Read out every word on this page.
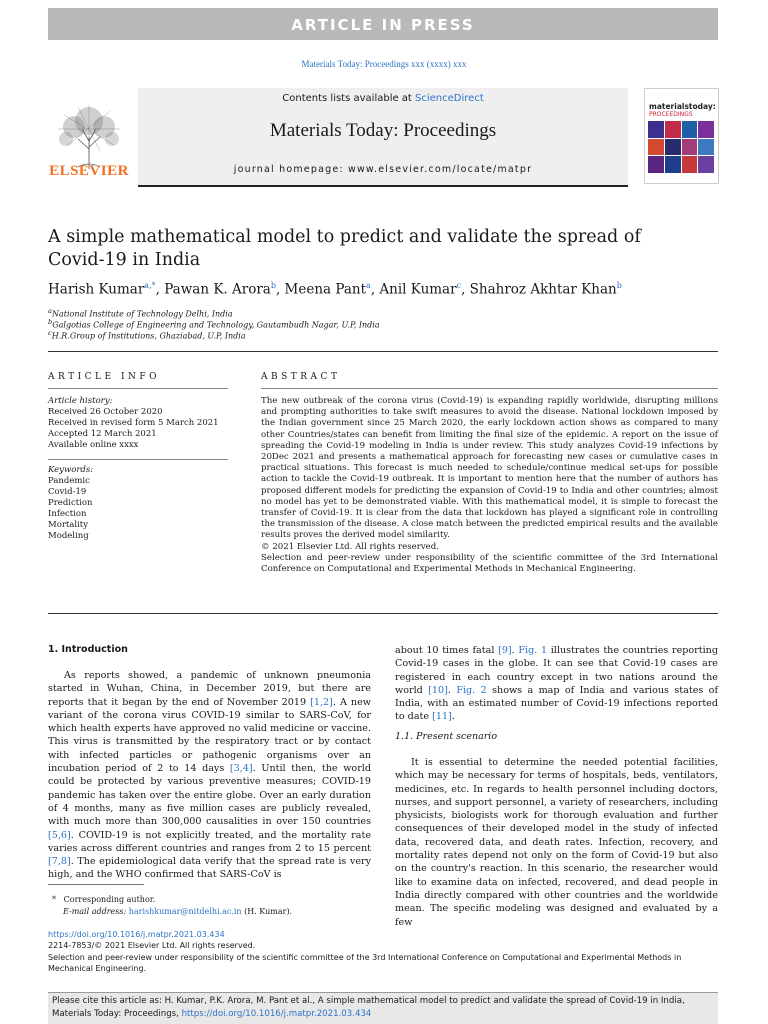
ARTICLE IN PRESS
Materials Today: Proceedings xxx (xxxx) xxx
ELSEVIER
Contents lists available at ScienceDirect
Materials Today: Proceedings
journal homepage: www.elsevier.com/locate/matpr
materialstoday:
PROCEEDINGS
A simple mathematical model to predict and validate the spread of
Covid-19 in India
Harish Kumar$^{a,*}$, Pawan K. Arora$^b$, Meena Pant$^a$, Anil Kumar$^c$, Shahroz Akhtar Khan$^b$
$^a$National Institute of Technology Delhi, India
$^b$Galgotias College of Engineering and Technology, Gautambudh Nagar, U.P, India
$^c$H.R.Group of Institutions, Ghaziabad, U.P, India
ARTICLE INFO	ABSTRACT
Article history:
Received 26 October 2020
Received in revised form 5 March 2021
Accepted 12 March 2021
Available online xxxx
Keywords:
Pandemic
Covid-19
Prediction
Infection
Mortality
Modeling

The new outbreak of the corona virus (Covid-19) is expanding rapidly worldwide, disrupting millions and prompting authorities to take swift measures to avoid the disease. National lockdown imposed by the Indian government since 25 March 2020, the early lockdown action shows as compared to many other Countries/states can benefit from limiting the final size of the epidemic. A report on the issue of spreading the Covid-19 modeling in India is under review. This study analyzes Covid-19 infections by 20Dec 2021 and presents a mathematical approach for forecasting new cases or cumulative cases in practical situations. This forecast is much needed to schedule/continue medical set-ups for possible action to tackle the Covid-19 outbreak. It is important to mention here that the number of authors has proposed different models for predicting the expansion of Covid-19 to India and other countries; almost no model has yet to be demonstrated viable. With this mathematical model, it is simple to forecast the transfer of Covid-19. It is clear from the data that lockdown has played a significant role in controlling the transmission of the disease. A close match between the predicted empirical results and the available results proves the derived model similarity.

© 2021 Elsevier Ltd. All rights reserved.

Selection and peer-review under responsibility of the scientific committee of the 3rd International Conference on Computational and Experimental Methods in Mechanical Engineering.

1. Introduction
As reports showed, a pandemic of unknown pneumonia started in Wuhan, China, in December 2019, but there are reports that it began by the end of November 2019 [1,2]. A new variant of the corona virus COVID-19 similar to SARS-CoV, for which health experts have approved no valid medicine or vaccine. This virus is transmitted by the respiratory tract or by contact with infected particles or pathogenic organisms over an incubation period of 2 to 14 days [3,4]. Until then, the world could be protected by various preventive measures; COVID-19 pandemic has taken over the entire globe. Over an early duration of 4 months, many as five million cases are publicly revealed, with much more than 300,000 causalities in over 150 countries [5,6]. COVID-19 is not explicitly treated, and the mortality rate varies across different countries and ranges from 2 to 15 percent [7,8]. The epidemiological data verify that the spread rate is very high, and the WHO confirmed that SARS-CoV is
about 10 times fatal [9]. Fig. 1 illustrates the countries reporting Covid-19 cases in the globe. It can see that Covid-19 cases are registered in each country except in two nations around the world [10]. Fig. 2 shows a map of India and various states of India, with an estimated number of Covid-19 infections reported to date [11].
1.1. Present scenario
It is essential to determine the needed potential facilities, which may be necessary for terms of hospitals, beds, ventilators, medicines, etc. In regards to health personnel including doctors, nurses, and support personnel, a variety of researchers, including physicists, biologists work for thorough evaluation and further consequences of their developed model in the study of infected data, recovered data, and death rates. Infection, recovery, and mortality rates depend not only on the form of Covid-19 but also on the country's reaction. In this scenario, the researcher would like to examine data on infected, recovered, and dead people in India directly compared with other countries and the worldwide mean. The specific modeling was designed and evaluated by a few
* Corresponding author.
E-mail address: harishkumar@nitdelhi.ac.in (H. Kumar).
https://doi.org/10.1016/j.matpr.2021.03.434
2214-7853/© 2021 Elsevier Ltd. All rights reserved.
Selection and peer-review under responsibility of the scientific committee of the 3rd International Conference on Computational and Experimental Methods in Mechanical Engineering.
Please cite this article as: H. Kumar, P.K. Arora, M. Pant et al., A simple mathematical model to predict and validate the spread of Covid-19 in India, Materials Today: Proceedings, https://doi.org/10.1016/j.matpr.2021.03.434
